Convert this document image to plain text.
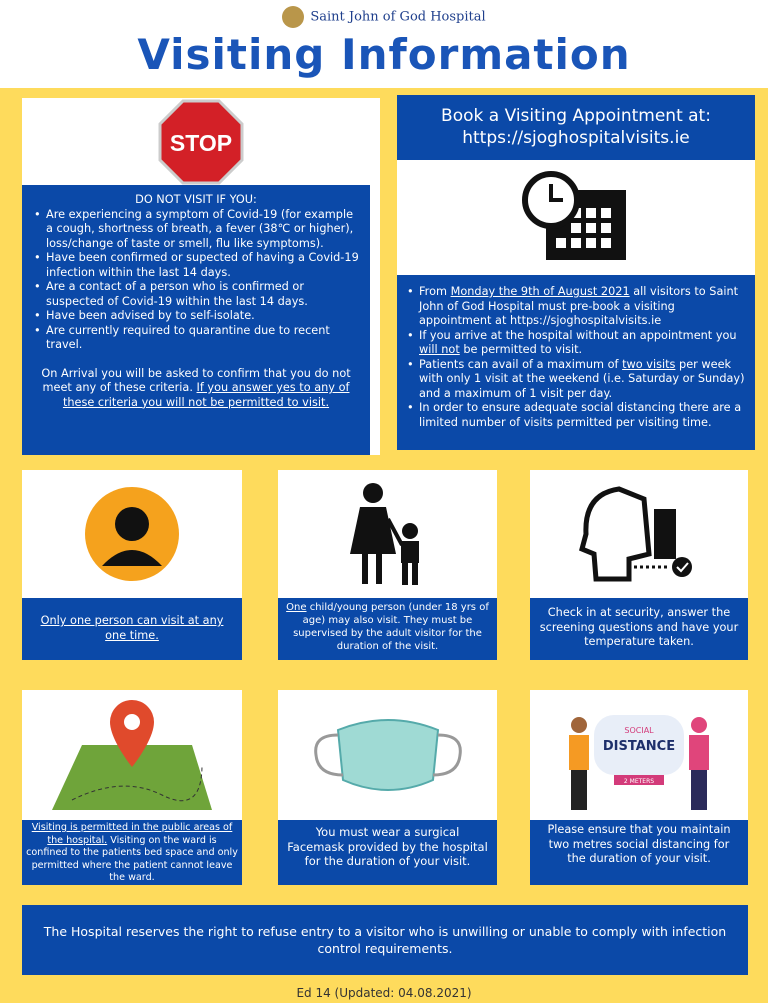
Saint John of God Hospital
Visiting Information
STOP
DO NOT VISIT IF YOU:
• Are experiencing a symptom of Covid-19 (for example a cough, shortness of breath, a fever (38℃ or higher), loss/change of taste or smell, flu like symptoms).
• Have been confirmed or supected of having a Covid-19 infection within the last 14 days.
• Are a contact of a person who is confirmed or suspected of Covid-19 within the last 14 days.
• Have been advised by to self-isolate.
• Are currently required to quarantine due to recent travel.
On Arrival you will be asked to confirm that you do not meet any of these criteria. If you answer yes to any of these criteria you will not be permitted to visit.
Book a Visiting Appointment at:
https://sjoghospitalvisits.ie
• From Monday the 9th of August 2021 all visitors to Saint John of God Hospital must pre-book a visiting appointment at https://sjoghospitalvisits.ie
• If you arrive at the hospital without an appointment you will not be permitted to visit.
• Patients can avail of a maximum of two visits per week with only 1 visit at the weekend (i.e. Saturday or Sunday) and a maximum of 1 visit per day.
• In order to ensure adequate social distancing there are a limited number of visits permitted per visiting time.
Only one person can visit at any one time.
One child/young person (under 18 yrs of age) may also visit. They must be supervised by the adult visitor for the duration of the visit.
Check in at security, answer the screening questions and have your temperature taken.
Visiting is permitted in the public areas of the hospital. Visiting on the ward is confined to the patients bed space and only permitted where the patient cannot leave the ward.
You must wear a surgical Facemask provided by the hospital for the duration of your visit.
SOCIAL
DISTANCE
2 METERS
Please ensure that you maintain two metres social distancing for the duration of your visit.
The Hospital reserves the right to refuse entry to a visitor who is unwilling or unable to comply with infection control requirements.
Ed 14 (Updated: 04.08.2021)
